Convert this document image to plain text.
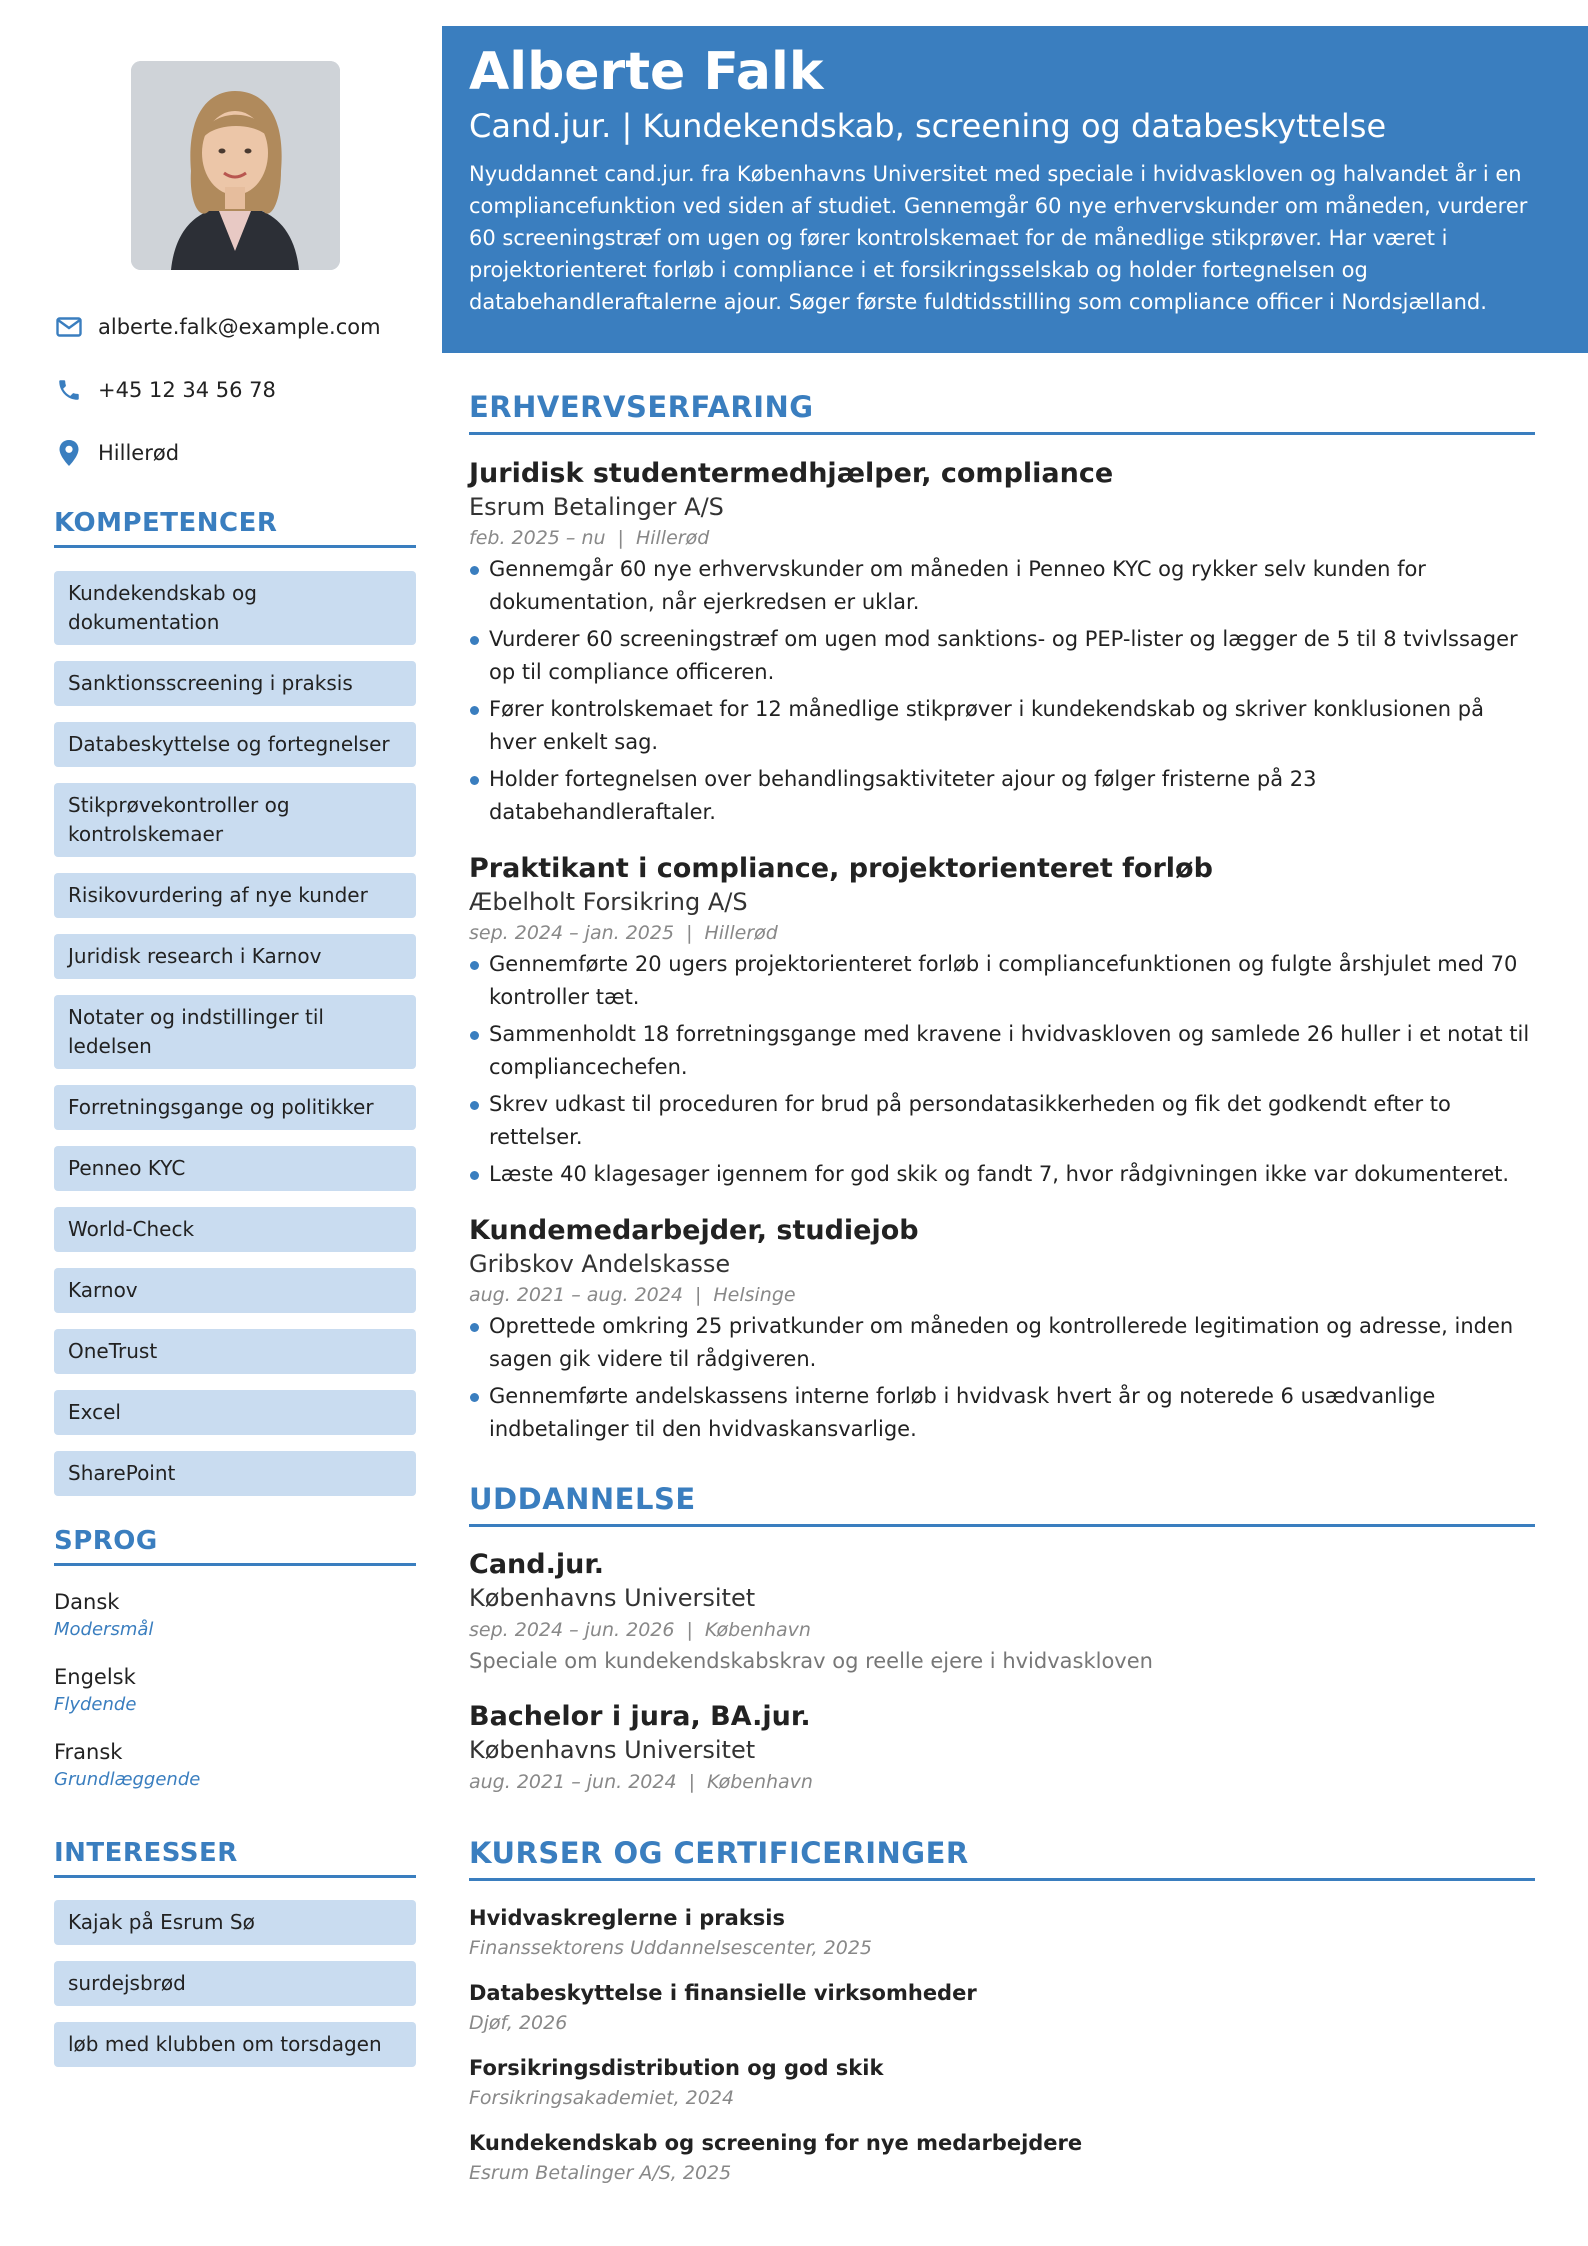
alberte.falk@example.com
+45 12 34 56 78
Hillerød
KOMPETENCER
Kundekendskab og dokumentation
Sanktionsscreening i praksis
Databeskyttelse og fortegnelser
Stikprøvekontroller og kontrolskemaer
Risikovurdering af nye kunder
Juridisk research i Karnov
Notater og indstillinger til ledelsen
Forretningsgange og politikker
Penneo KYC
World-Check
Karnov
OneTrust
Excel
SharePoint
SPROG
Dansk
Modersmål
Engelsk
Flydende
Fransk
Grundlæggende
INTERESSER
Kajak på Esrum Sø
surdejsbrød
løb med klubben om torsdagen
Alberte Falk
Cand.jur. | Kundekendskab, screening og databeskyttelse
Nyuddannet cand.jur. fra Københavns Universitet med speciale i hvidvaskloven og halvandet år i en compliancefunktion ved siden af studiet. Gennemgår 60 nye erhvervskunder om måneden, vurderer 60 screeningstræf om ugen og fører kontrolskemaet for de månedlige stikprøver. Har været i projektorienteret forløb i compliance i et forsikringsselskab og holder fortegnelsen og databehandleraftalerne ajour. Søger første fuldtidsstilling som compliance officer i Nordsjælland.
ERHVERVSERFARING
Juridisk studentermedhjælper, compliance
Esrum Betalinger A/S
feb. 2025 – nu | Hillerød
Gennemgår 60 nye erhvervskunder om måneden i Penneo KYC og rykker selv kunden for dokumentation, når ejerkredsen er uklar.
Vurderer 60 screeningstræf om ugen mod sanktions- og PEP-lister og lægger de 5 til 8 tvivlssager op til compliance officeren.
Fører kontrolskemaet for 12 månedlige stikprøver i kundekendskab og skriver konklusionen på hver enkelt sag.
Holder fortegnelsen over behandlingsaktiviteter ajour og følger fristerne på 23 databehandleraftaler.
Praktikant i compliance, projektorienteret forløb
Æbelholt Forsikring A/S
sep. 2024 – jan. 2025 | Hillerød
Gennemførte 20 ugers projektorienteret forløb i compliancefunktionen og fulgte årshjulet med 70 kontroller tæt.
Sammenholdt 18 forretningsgange med kravene i hvidvaskloven og samlede 26 huller i et notat til compliancechefen.
Skrev udkast til proceduren for brud på persondatasikkerheden og fik det godkendt efter to rettelser.
Læste 40 klagesager igennem for god skik og fandt 7, hvor rådgivningen ikke var dokumenteret.
Kundemedarbejder, studiejob
Gribskov Andelskasse
aug. 2021 – aug. 2024 | Helsinge
Oprettede omkring 25 privatkunder om måneden og kontrollerede legitimation og adresse, inden sagen gik videre til rådgiveren.
Gennemførte andelskassens interne forløb i hvidvask hvert år og noterede 6 usædvanlige indbetalinger til den hvidvaskansvarlige.
UDDANNELSE
Cand.jur.
Københavns Universitet
sep. 2024 – jun. 2026 | København
Speciale om kundekendskabskrav og reelle ejere i hvidvaskloven
Bachelor i jura, BA.jur.
Københavns Universitet
aug. 2021 – jun. 2024 | København
KURSER OG CERTIFICERINGER
Hvidvaskreglerne i praksis
Finanssektorens Uddannelsescenter, 2025
Databeskyttelse i finansielle virksomheder
Djøf, 2026
Forsikringsdistribution og god skik
Forsikringsakademiet, 2024
Kundekendskab og screening for nye medarbejdere
Esrum Betalinger A/S, 2025
